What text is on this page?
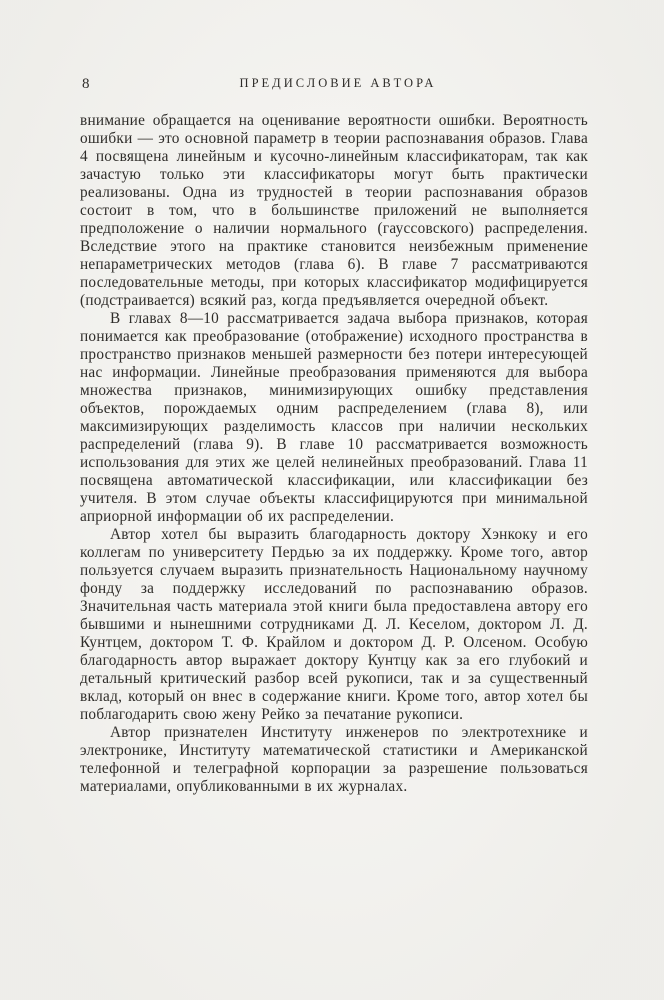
8	ПРЕДИСЛОВИЕ АВТОРА

внимание обращается на оценивание вероятности ошибки. Вероятность ошибки — это основной параметр в теории распознавания образов. Глава 4 посвящена линейным и кусочно-линейным классификаторам, так как зачастую только эти классификаторы могут быть практически реализованы. Одна из трудностей в теории распознавания образов состоит в том, что в большинстве приложений не выполняется предположение о наличии нормального (гауссовского) распределения. Вследствие этого на практике становится неизбежным применение непараметрических методов (глава 6). В главе 7 рассматриваются последовательные методы, при которых классификатор модифицируется (подстраивается) всякий раз, когда предъявляется очередной объект.

В главах 8—10 рассматривается задача выбора признаков, которая понимается как преобразование (отображение) исходного пространства в пространство признаков меньшей размерности без потери интересующей нас информации. Линейные преобразования применяются для выбора множества признаков, минимизирующих ошибку представления объектов, порождаемых одним распределением (глава 8), или максимизирующих разделимость классов при наличии нескольких распределений (глава 9). В главе 10 рассматривается возможность использования для этих же целей нелинейных преобразований. Глава 11 посвящена автоматической классификации, или классификации без учителя. В этом случае объекты классифицируются при минимальной априорной информации об их распределении.

Автор хотел бы выразить благодарность доктору Хэнкоку и его коллегам по университету Пердью за их поддержку. Кроме того, автор пользуется случаем выразить признательность Национальному научному фонду за поддержку исследований по распознаванию образов. Значительная часть материала этой книги была предоставлена автору его бывшими и нынешними сотрудниками Д. Л. Кеселом, доктором Л. Д. Кунтцем, доктором Т. Ф. Крайлом и доктором Д. Р. Олсеном. Особую благодарность автор выражает доктору Кунтцу как за его глубокий и детальный критический разбор всей рукописи, так и за существенный вклад, который он внес в содержание книги. Кроме того, автор хотел бы поблагодарить свою жену Рейко за печатание рукописи.

Автор признателен Институту инженеров по электротехнике и электронике, Институту математической статистики и Американской телефонной и телеграфной корпорации за разрешение пользоваться материалами, опубликованными в их журналах.
